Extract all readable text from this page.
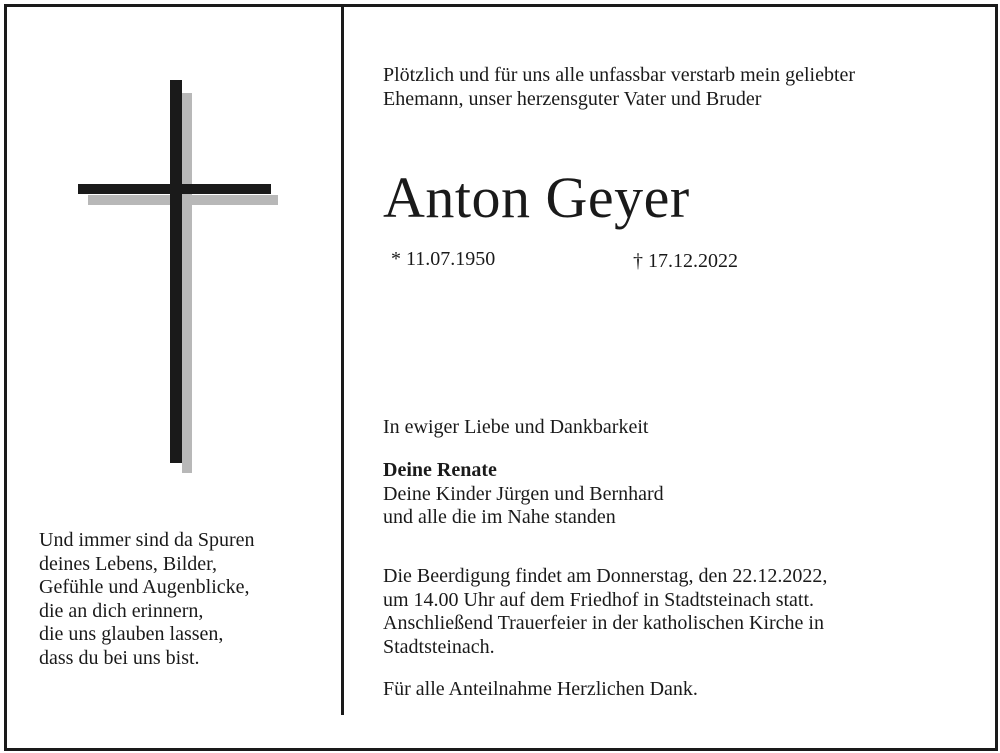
Und immer sind da Spuren
deines Lebens, Bilder,
Gefühle und Augenblicke,
die an dich erinnern,
die uns glauben lassen,
dass du bei uns bist.
Plötzlich und für uns alle unfassbar verstarb mein geliebter
Ehemann, unser herzensguter Vater und Bruder
Anton Geyer
* 11.07.1950	† 17.12.2022
In ewiger Liebe und Dankbarkeit
Deine Renate
Deine Kinder Jürgen und Bernhard
und alle die im Nahe standen
Die Beerdigung findet am Donnerstag, den 22.12.2022,
um 14.00 Uhr auf dem Friedhof in Stadtsteinach statt.
Anschließend Trauerfeier in der katholischen Kirche in
Stadtsteinach.
Für alle Anteilnahme Herzlichen Dank.
